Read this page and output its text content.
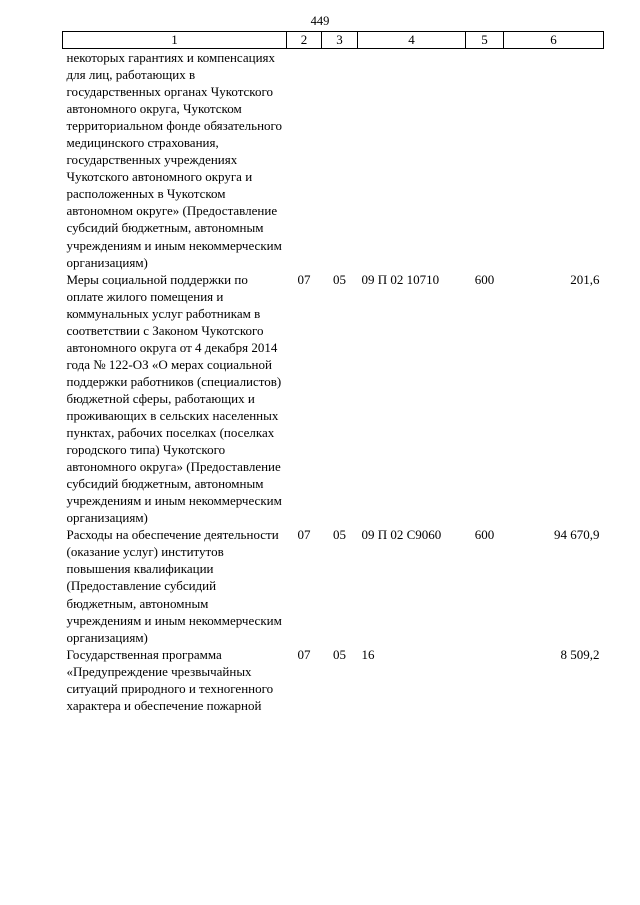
449
1	2	3	4	5	6
некоторых гарантиях и компенсациях для лиц, работающих в государственных органах Чукотского автономного округа, Чукотском территориальном фонде обязательного медицинского страхования, государственных учреждениях Чукотского автономного округа и расположенных в Чукотском автономном округе» (Предоставление субсидий бюджетным, автономным учреждениям и иным некоммерческим организациям)					
Меры социальной поддержки по оплате жилого помещения и коммунальных услуг работникам в соответствии с Законом Чукотского автономного округа от 4 декабря 2014 года № 122-ОЗ «О мерах социальной поддержки работников (специалистов) бюджетной сферы, работающих и проживающих в сельских населенных пунктах, рабочих поселках (поселках городского типа) Чукотского автономного округа» (Предоставление субсидий бюджетным, автономным учреждениям и иным некоммерческим организациям)	07	05	09 П 02 10710	600	201,6
Расходы на обеспечение деятельности (оказание услуг) институтов повышения квалификации (Предоставление субсидий бюджетным, автономным учреждениям и иным некоммерческим организациям)	07	05	09 П 02 С9060	600	94 670,9
Государственная программа «Предупреждение чрезвычайных ситуаций природного и техногенного характера и обеспечение пожарной	07	05	16		8 509,2
